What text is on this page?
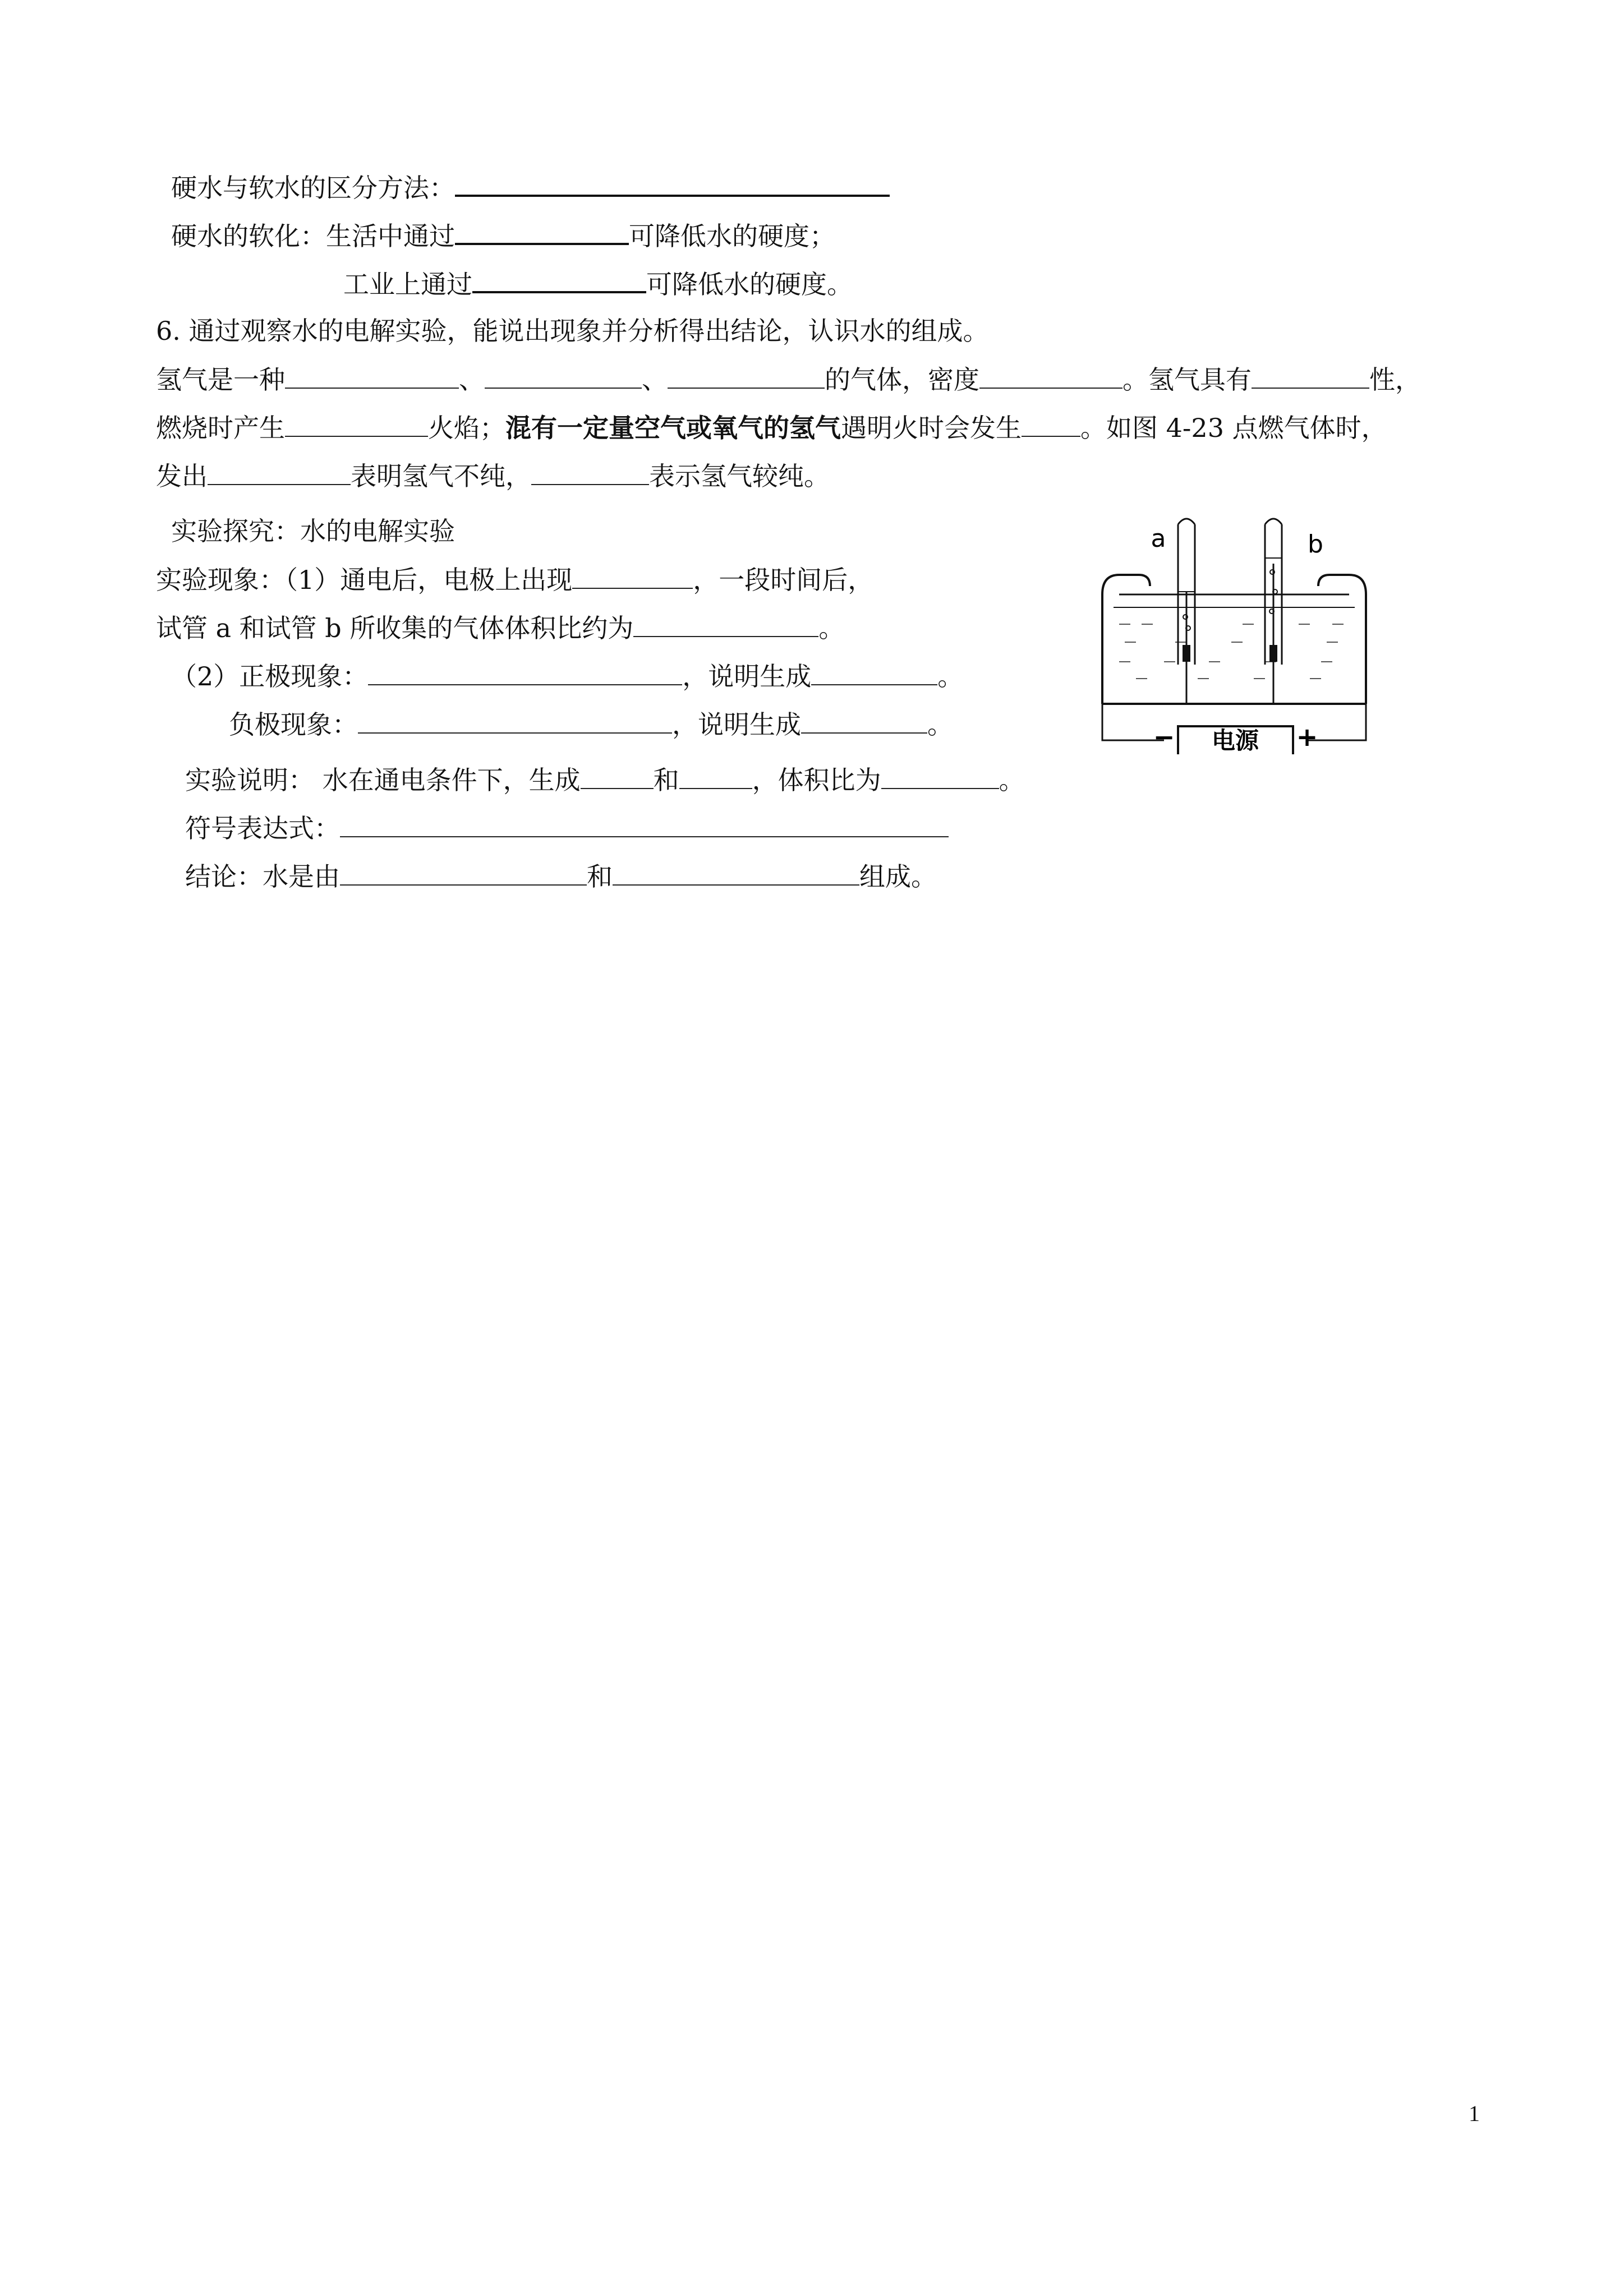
硬水与软水的区分方法：
硬水的软化：生活中通过	可降低水的硬度；
工业上通过	可降低水的硬度。
6. 通过观察水的电解实验，能说出现象并分析得出结论，认识水的组成。
氢气是一种	、	、	的气体，密度	。氢气具有	性，
燃烧时产生	火焰；混有一定量空气或氧气的氢气遇明火时会发生 。如图 4-23 点燃气体时，
发出	表明氢气不纯，	表示氢气较纯。
实验探究：水的电解实验
实验现象：（1）通电后，电极上出现	，一段时间后，
试管 a 和试管 b 所收集的气体体积比约为	。
（2）正极现象：	，说明生成	。
负极现象：	，说明生成	。
实验说明： 水在通电条件下，生成	和	，体积比为	。
符号表达式：
结论：水是由	和	组成。
电源
−	+
a	b
1
